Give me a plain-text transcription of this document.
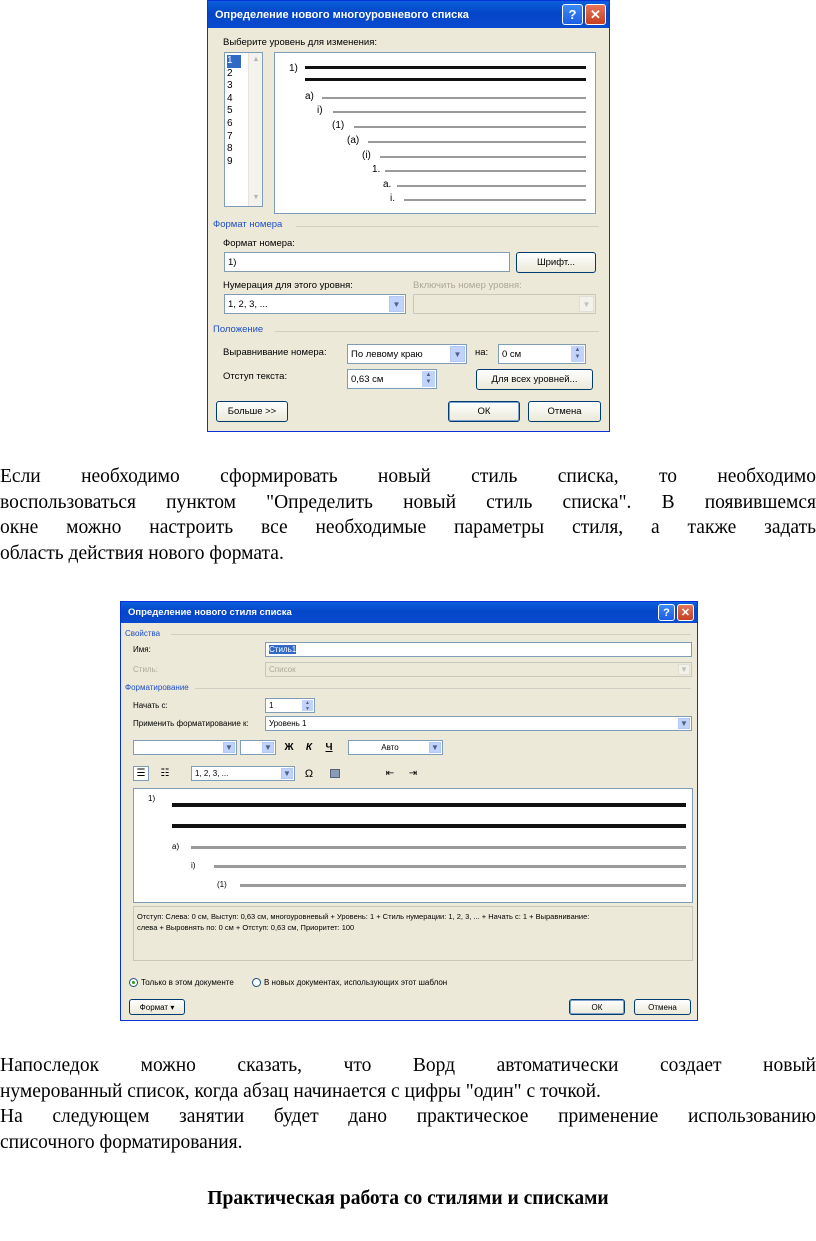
Определение нового многоуровневого списка	?	✕
Выберите уровень для изменения:
1
2
3
4
5
6
7
8
9
▲
▼
1)
а)
i)
(1)
(а)
(i)
1.
а.
i.
Формат номера
Формат номера:
1)	Шрифт...
Нумерация для этого уровня:	Включить номер уровня:
1, 2, 3, ...	▼	▼
Положение
Выравнивание номера:	По левому краю	▼	на: 0 см	▲
▼
Отступ текста:	0,63 см	▲
▼	Для всех уровней...
Больше >>	ОК	Отмена
Если необходимо сформировать новый стиль списка, то необходимо
воспользоваться пунктом "Определить новый стиль списка". В появившемся
окне можно настроить все необходимые параметры стиля, а также задать
область действия нового формата.
Определение нового стиля списка	?	✕
Свойства
Имя:	Стиль1
Стиль:	Список	▼
Форматирование
Начать с:	1	▲
▼
Применить форматирование к:	Уровень 1	▼
▼	▼ Ж	К	Ч	Авто	▼
☰	☷	1, 2, 3, ...	▼ Ω	⇤ ⇥
1)
а)
i)
(1)
Отступ: Слева: 0 см, Выступ: 0,63 см, многоуровневый + Уровень: 1 + Стиль нумерации: 1, 2, 3, ... + Начать с: 1 + Выравнивание:
слева + Выровнять по: 0 см + Отступ: 0,63 см, Приоритет: 100
Только в этом документе	В новых документах, использующих этот шаблон
Формат ▾	ОК	Отмена
Напоследок можно сказать, что Ворд автоматически создает новый
нумерованный список, когда абзац начинается с цифры "один" с точкой.
На следующем занятии будет дано практическое применение использованию
списочного форматирования.
Практическая работа со стилями и списками
